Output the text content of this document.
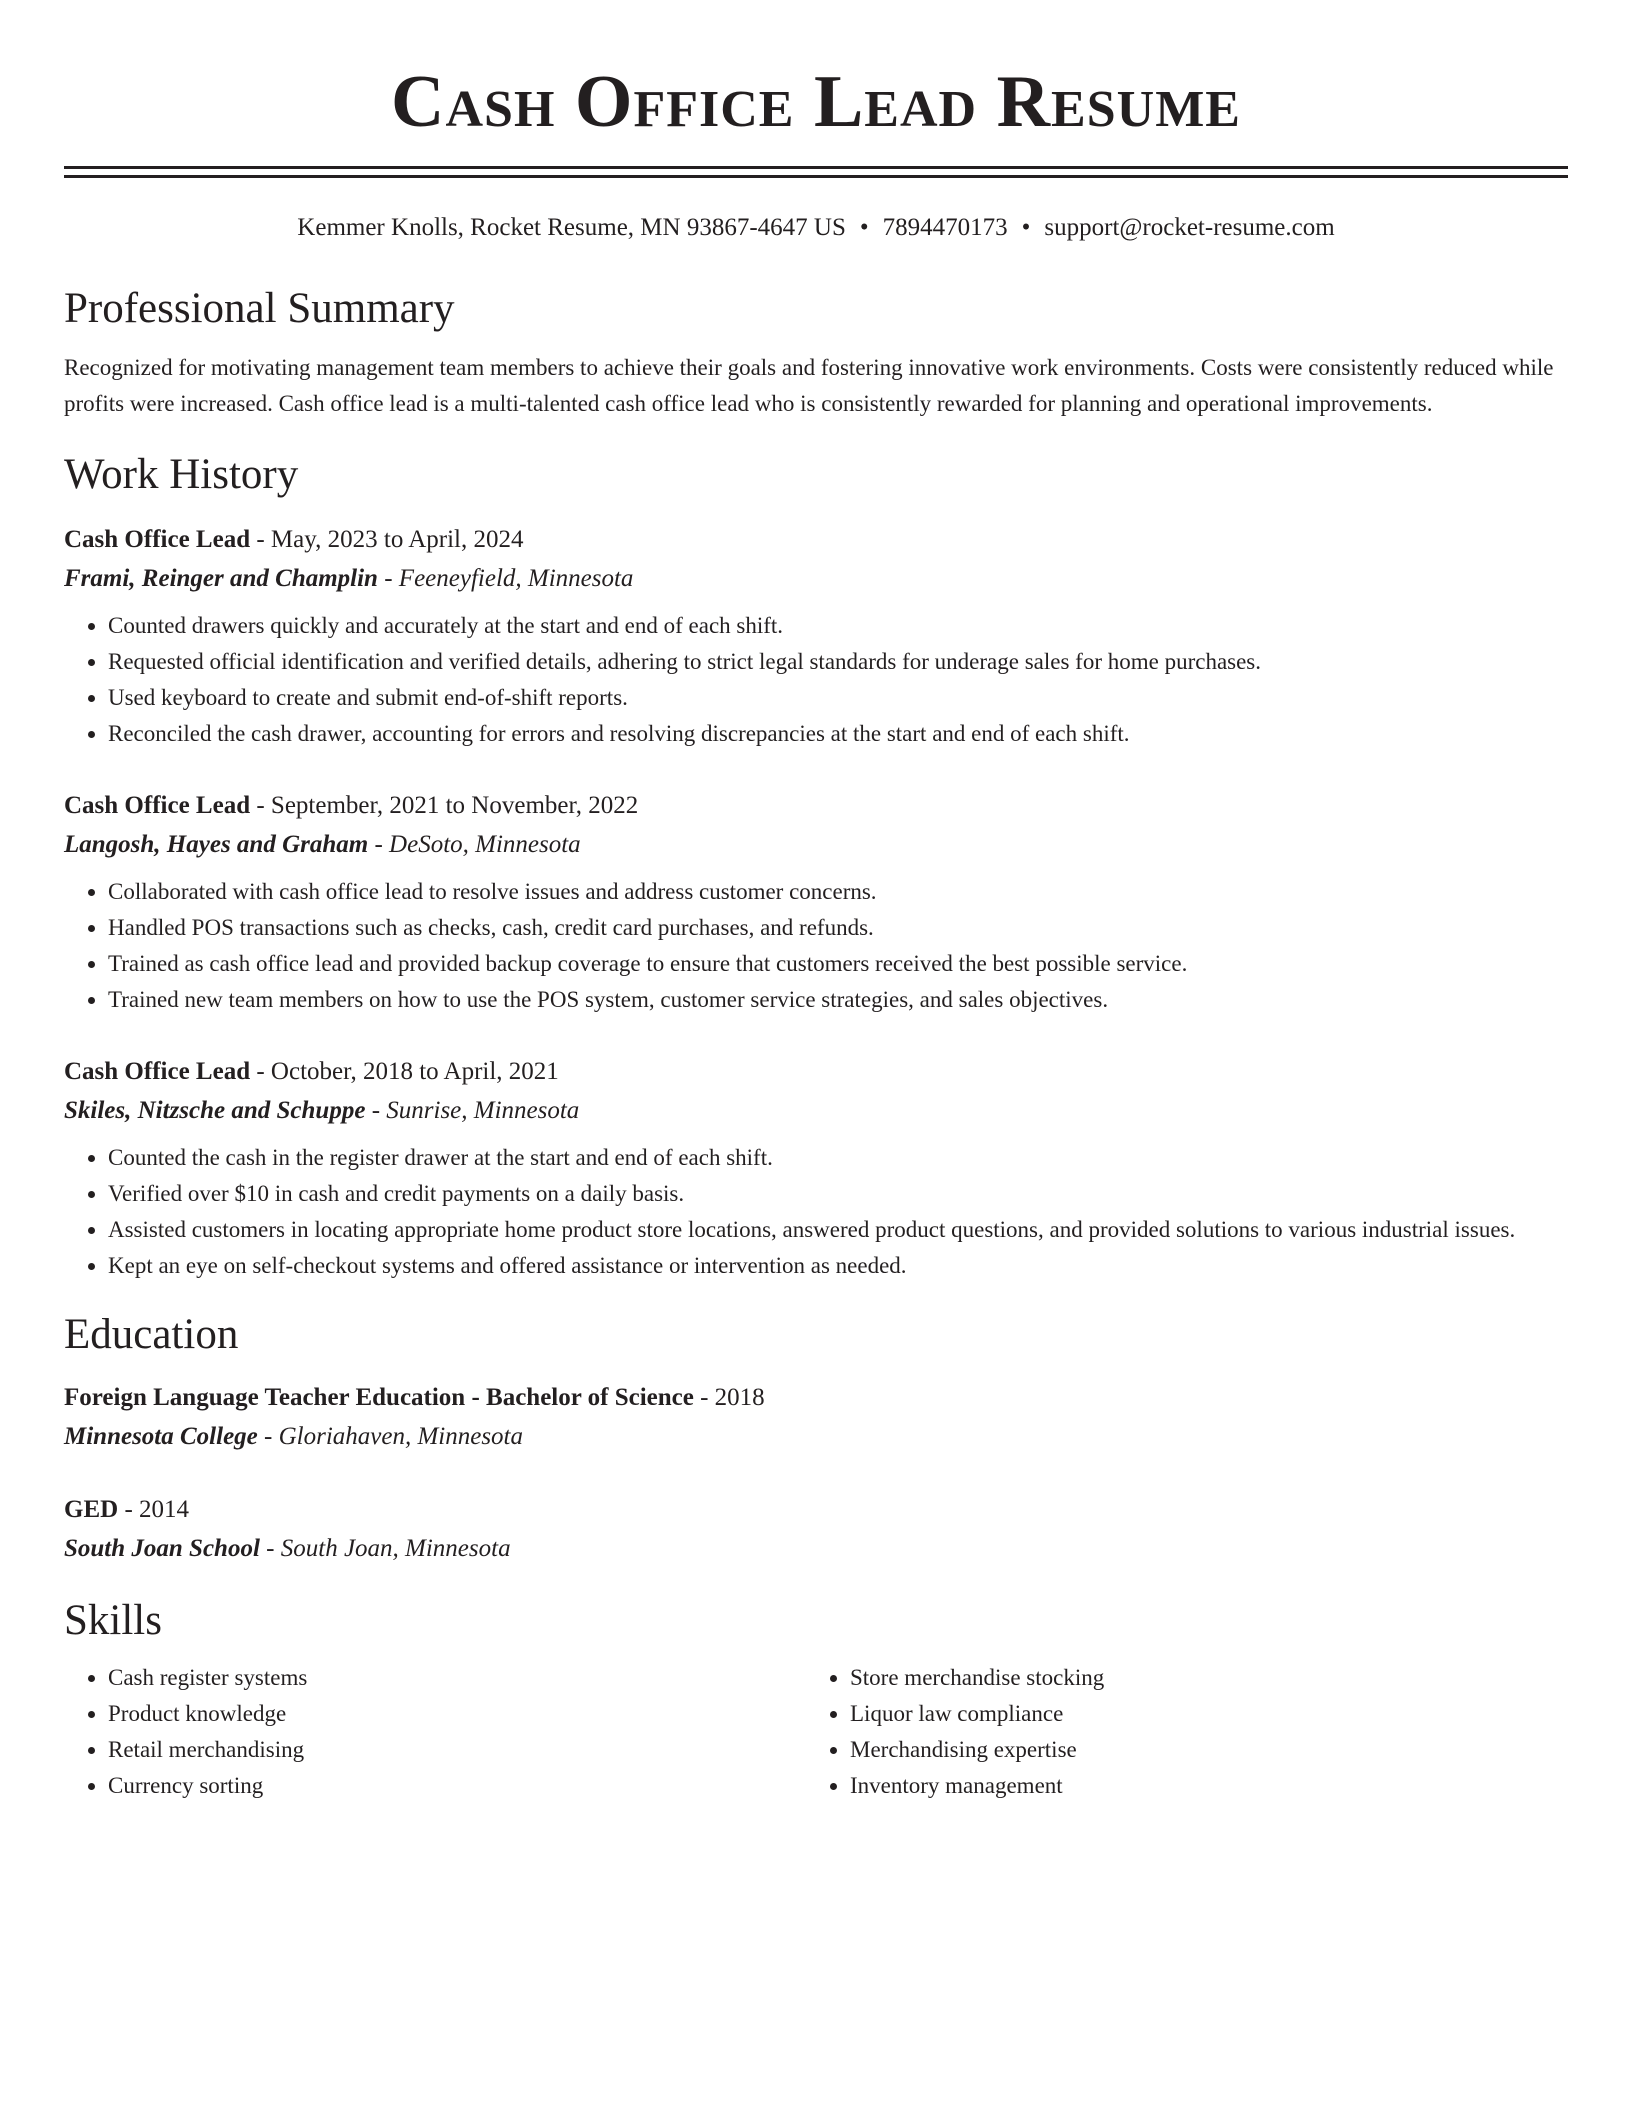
Cash Office Lead Resume
Kemmer Knolls, Rocket Resume, MN 93867-4647 US • 7894470173 • support@rocket-resume.com
Professional Summary
Recognized for motivating management team members to achieve their goals and fostering innovative work environments. Costs were consistently reduced while profits were increased. Cash office lead is a multi-talented cash office lead who is consistently rewarded for planning and operational improvements.
Work History
Cash Office Lead - May, 2023 to April, 2024
Frami, Reinger and Champlin - Feeneyfield, Minnesota
• Counted drawers quickly and accurately at the start and end of each shift.
• Requested official identification and verified details, adhering to strict legal standards for underage sales for home purchases.
• Used keyboard to create and submit end-of-shift reports.
• Reconciled the cash drawer, accounting for errors and resolving discrepancies at the start and end of each shift.
Cash Office Lead - September, 2021 to November, 2022
Langosh, Hayes and Graham - DeSoto, Minnesota
• Collaborated with cash office lead to resolve issues and address customer concerns.
• Handled POS transactions such as checks, cash, credit card purchases, and refunds.
• Trained as cash office lead and provided backup coverage to ensure that customers received the best possible service.
• Trained new team members on how to use the POS system, customer service strategies, and sales objectives.
Cash Office Lead - October, 2018 to April, 2021
Skiles, Nitzsche and Schuppe - Sunrise, Minnesota
• Counted the cash in the register drawer at the start and end of each shift.
• Verified over $10 in cash and credit payments on a daily basis.
• Assisted customers in locating appropriate home product store locations, answered product questions, and provided solutions to various industrial issues.
• Kept an eye on self-checkout systems and offered assistance or intervention as needed.
Education
Foreign Language Teacher Education - Bachelor of Science - 2018
Minnesota College - Gloriahaven, Minnesota
GED - 2014
South Joan School - South Joan, Minnesota
Skills
• Cash register systems
• Product knowledge
• Retail merchandising
• Currency sorting
• Store merchandise stocking
• Liquor law compliance
• Merchandising expertise
• Inventory management
